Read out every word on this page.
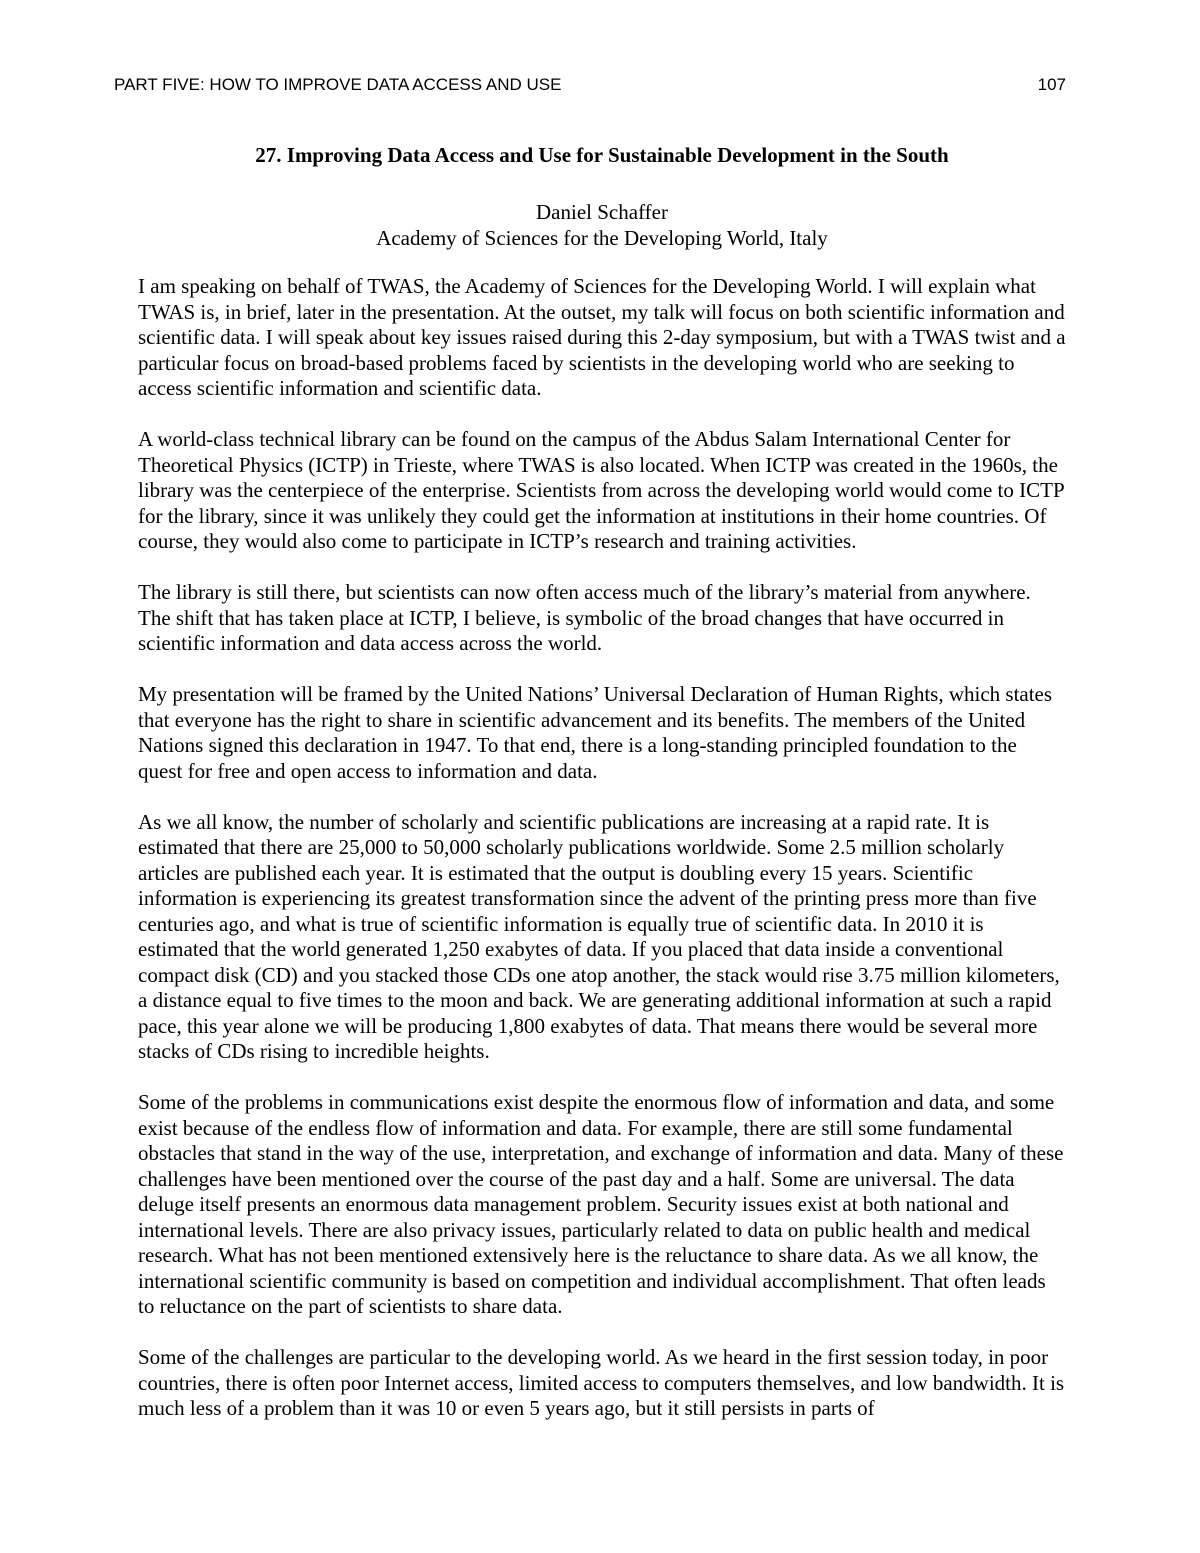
PART FIVE: HOW TO IMPROVE DATA ACCESS AND USE	107
27. Improving Data Access and Use for Sustainable Development in the South
Daniel Schaffer
Academy of Sciences for the Developing World, Italy

I am speaking on behalf of TWAS, the Academy of Sciences for the Developing World. I will explain what TWAS is, in brief, later in the presentation. At the outset, my talk will focus on both scientific information and scientific data. I will speak about key issues raised during this 2-day symposium, but with a TWAS twist and a particular focus on broad-based problems faced by scientists in the developing world who are seeking to access scientific information and scientific data.

A world-class technical library can be found on the campus of the Abdus Salam International Center for Theoretical Physics (ICTP) in Trieste, where TWAS is also located. When ICTP was created in the 1960s, the library was the centerpiece of the enterprise. Scientists from across the developing world would come to ICTP for the library, since it was unlikely they could get the information at institutions in their home countries. Of course, they would also come to participate in ICTP’s research and training activities.

The library is still there, but scientists can now often access much of the library’s material from anywhere. The shift that has taken place at ICTP, I believe, is symbolic of the broad changes that have occurred in scientific information and data access across the world.

My presentation will be framed by the United Nations’ Universal Declaration of Human Rights, which states that everyone has the right to share in scientific advancement and its benefits. The members of the United Nations signed this declaration in 1947. To that end, there is a long-standing principled foundation to the quest for free and open access to information and data.

As we all know, the number of scholarly and scientific publications are increasing at a rapid rate. It is estimated that there are 25,000 to 50,000 scholarly publications worldwide. Some 2.5 million scholarly articles are published each year. It is estimated that the output is doubling every 15 years. Scientific information is experiencing its greatest transformation since the advent of the printing press more than five centuries ago, and what is true of scientific information is equally true of scientific data. In 2010 it is estimated that the world generated 1,250 exabytes of data. If you placed that data inside a conventional compact disk (CD) and you stacked those CDs one atop another, the stack would rise 3.75 million kilometers, a distance equal to five times to the moon and back. We are generating additional information at such a rapid pace, this year alone we will be producing 1,800 exabytes of data. That means there would be several more stacks of CDs rising to incredible heights.

Some of the problems in communications exist despite the enormous flow of information and data, and some exist because of the endless flow of information and data. For example, there are still some fundamental obstacles that stand in the way of the use, interpretation, and exchange of information and data. Many of these challenges have been mentioned over the course of the past day and a half. Some are universal. The data deluge itself presents an enormous data management problem. Security issues exist at both national and international levels. There are also privacy issues, particularly related to data on public health and medical research. What has not been mentioned extensively here is the reluctance to share data. As we all know, the international scientific community is based on competition and individual accomplishment. That often leads to reluctance on the part of scientists to share data.

Some of the challenges are particular to the developing world. As we heard in the first session today, in poor countries, there is often poor Internet access, limited access to computers themselves, and low bandwidth. It is much less of a problem than it was 10 or even 5 years ago, but it still persists in parts of
